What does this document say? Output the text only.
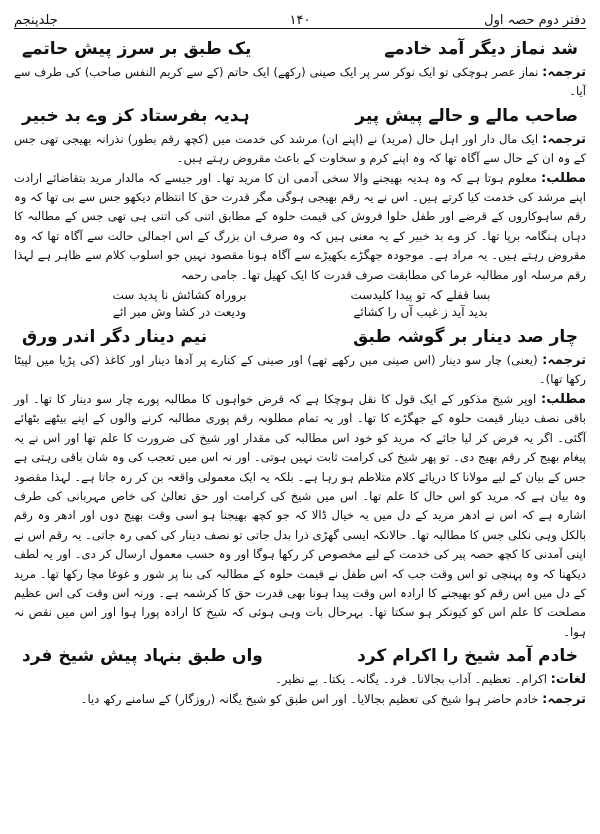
دفتر دوم حصہ اول
۱۴۰
جلدپنجم
شد نماز دیگر آمد خادمے
یک طبق بر سرز پیش حاتمے

ترجمہ: نماز عصر ہوچکی تو ایک نوکر سر پر ایک صینی (رکھے) ایک حاتم (کے سے کریم النفس صاحب) کی طرف سے آیا۔

صاحب مالے و حالے پیش پیر
ہدیہ بفرستاد کز وے بد خبیر

ترجمہ: ایک مال دار اور اہل حال (مرید) نے (اپنے ان) مرشد کی خدمت میں (کچھ رقم بطور) نذرانہ بھیجی تھی جس کے وہ ان کے حال سے آگاہ تھا کہ وہ اپنے کرم و سخاوت کے باعث مقروض رہتے ہیں۔

مطلب: معلوم ہوتا ہے کہ وہ ہدیہ بھیجنے والا سخی آدمی ان کا مرید تھا۔ اور جیسے کہ مالدار مرید بتقاضائے ارادت اپنے مرشد کی خدمت کیا کرتے ہیں۔ اس نے یہ رقم بھیجی ہوگی مگر قدرت حق کا انتظام دیکھو جس سے بی تھا کہ وہ رقم ساہوکاروں کے قرضے اور طفل حلوا فروش کی قیمت حلوہ کے مطابق اتنی کی اتنی ہی تھی جس کے مطالبہ کا دہاں ہنگامہ برپا تھا۔ کز وے بد خبیر کے یہ معنی ہیں کہ وہ صرف ان بزرگ کے اس اجمالی حالت سے آگاہ تھا کہ وہ مقروض رہتے ہیں۔ یہ مراد ہے۔ موجودہ جھگڑے بکھیڑے سے آگاہ ہونا مقصود نہیں جو اسلوب کلام سے ظاہر ہے لہذا رقم مرسلہ اور مطالبہ غرما کی مطابقت صرف قدرت کا ایک کھیل تھا۔ جامی رحمہ

بسا قفلے کہ تو پیدا کلیدست
بروراہ کشائش نا پدید ست
بدید آید ز غیب آں را کشائے
ودیعت در کشا وش میر ائے
چار صد دینار بر گوشہ طبق
نیم دینار دگر اندر ورق

ترجمہ: (یعنی) چار سو دینار (اس صینی میں رکھے تھے) اور صینی کے کنارے پر آدھا دینار اور کاغذ (کی پڑیا میں لپیٹا رکھا تھا)۔

مطلب: اوپر شیخ مذکور کے ایک قول کا نقل ہوچکا ہے کہ قرض خواہوں کا مطالبہ پورے چار سو دینار کا تھا۔ اور باقی نصف دینار قیمت حلوہ کے جھگڑے کا تھا۔ اور یہ تمام مطلوبہ رقم پوری مطالبہ کرنے والوں کے اپنے بیٹھے بٹھائے آگئی۔ اگر یہ فرض کر لیا جائے کہ مرید کو خود اس مطالبہ کی مقدار اور شیخ کی ضرورت کا علم تھا اور اس نے یہ پیغام بھیج کر رقم بھیج دی۔ تو پھر شیخ کی کرامت ثابت نہیں ہوتی۔ اور نہ اس میں تعجب کی وہ شان باقی رہتی ہے جس کے بیان کے لیے مولانا کا دریائے کلام متلاطم ہو رہا ہے۔ بلکہ یہ ایک معمولی واقعہ بن کر رہ جاتا ہے۔ لہذا مقصود وہ بیان ہے کہ مرید کو اس حال کا علم تھا۔ اس میں شیخ کی کرامت اور حق تعالیٰ کی خاص مہربانی کی طرف اشارہ ہے کہ اس نے ادھر مرید کے دل میں یہ خیال ڈالا کہ جو کچھ بھیجنا ہو اسی وقت بھیج دوں اور ادھر وہ رقم بالکل وہی نکلی جس کا مطالبہ تھا۔ حالانکہ ایسی گھڑی ذرا بدل جاتی تو نصف دینار کی کمی رہ جاتی۔ یہ رقم اس نے اپنی آمدنی کا کچھ حصہ پیر کی خدمت کے لیے مخصوص کر رکھا ہوگا اور وہ حسب معمول ارسال کر دی۔ اور یہ لطف دیکھنا کہ وہ پہنچی تو اس وقت جب کہ اس طفل نے قیمت حلوہ کے مطالبہ کی بنا پر شور و غوغا مچا رکھا تھا۔ مرید کے دل میں اس رقم کو بھیجنے کا ارادہ اس وقت پیدا ہونا بھی قدرت حق کا کرشمہ ہے۔ ورنہ اس وقت کی اس عظیم مصلحت کا علم اس کو کیونکر ہو سکتا تھا۔ بہرحال بات وہی ہوئی کہ شیخ کا ارادہ پورا ہوا اور اس میں نقص نہ ہوا۔

خادم آمد شیخ را اکرام کرد
واں طبق بنہاد پیش شیخ فرد

لغات: اکرام۔ تعظیم۔ آداب بجالانا۔ فرد۔ یگانہ۔ یکتا۔ بے نظیر۔

ترجمہ: خادم حاضر ہوا شیخ کی تعظیم بجالایا۔ اور اس طبق کو شیخ یگانہ (روزگار) کے سامنے رکھ دیا۔
